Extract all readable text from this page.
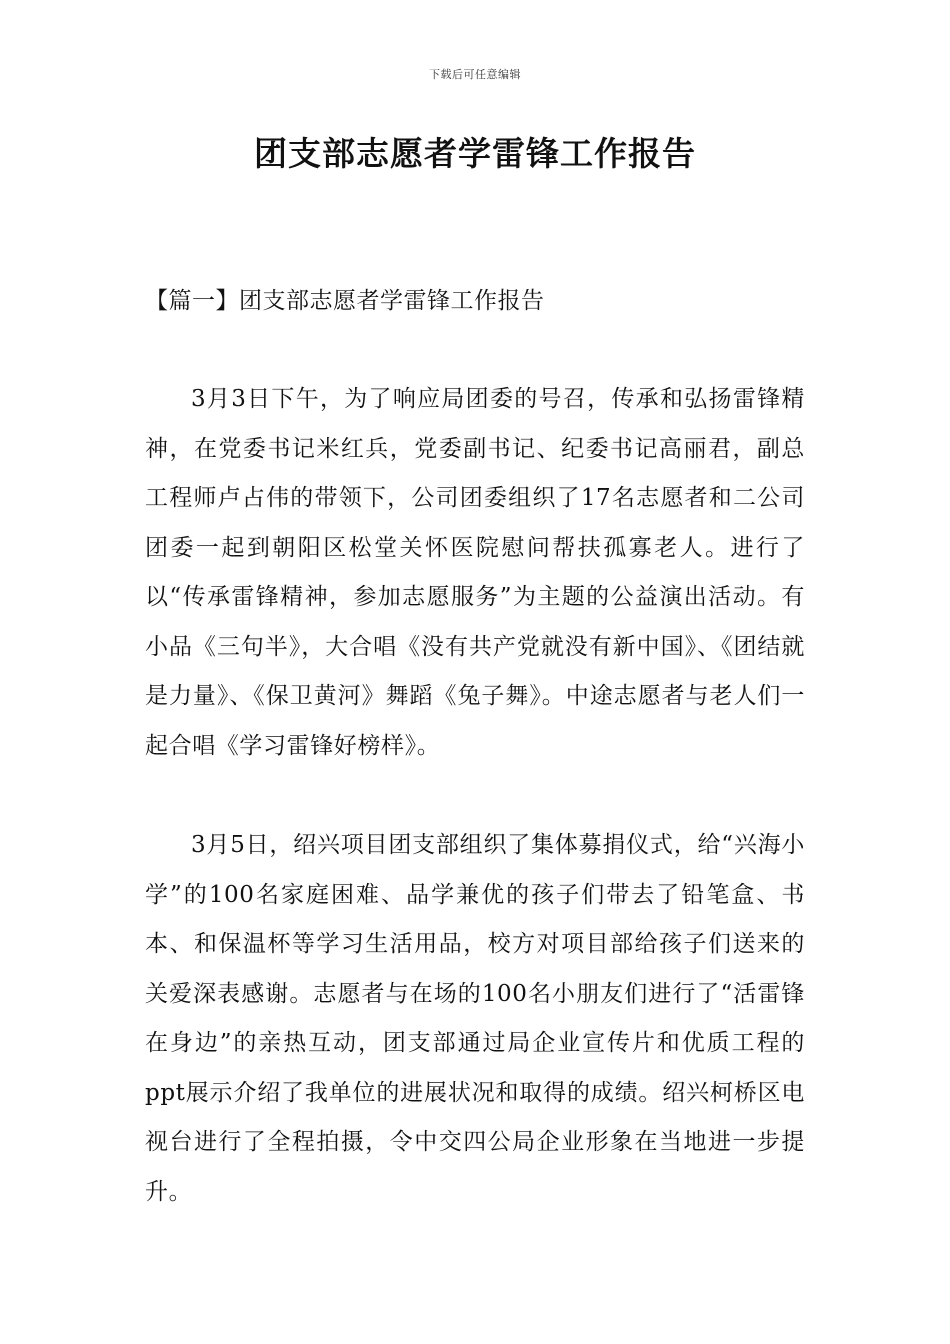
下载后可任意编辑
团支部志愿者学雷锋工作报告
【篇一】团支部志愿者学雷锋工作报告

3月3日下午，为了响应局团委的号召，传承和弘扬雷锋精神，在党委书记米红兵，党委副书记、纪委书记高丽君，副总工程师卢占伟的带领下，公司团委组织了17名志愿者和二公司团委一起到朝阳区松堂关怀医院慰问帮扶孤寡老人。进行了以“传承雷锋精神，参加志愿服务”为主题的公益演出活动。有小品《三句半》，大合唱《没有共产党就没有新中国》、《团结就是力量》、《保卫黄河》舞蹈《兔子舞》。中途志愿者与老人们一起合唱《学习雷锋好榜样》。

3月5日，绍兴项目团支部组织了集体募捐仪式，给“兴海小学”的100名家庭困难、品学兼优的孩子们带去了铅笔盒、书本、和保温杯等学习生活用品，校方对项目部给孩子们送来的关爱深表感谢。志愿者与在场的100名小朋友们进行了“活雷锋在身边”的亲热互动，团支部通过局企业宣传片和优质工程的ppt展示介绍了我单位的进展状况和取得的成绩。绍兴柯桥区电视台进行了全程拍摄，令中交四公局企业形象在当地进一步提升。
